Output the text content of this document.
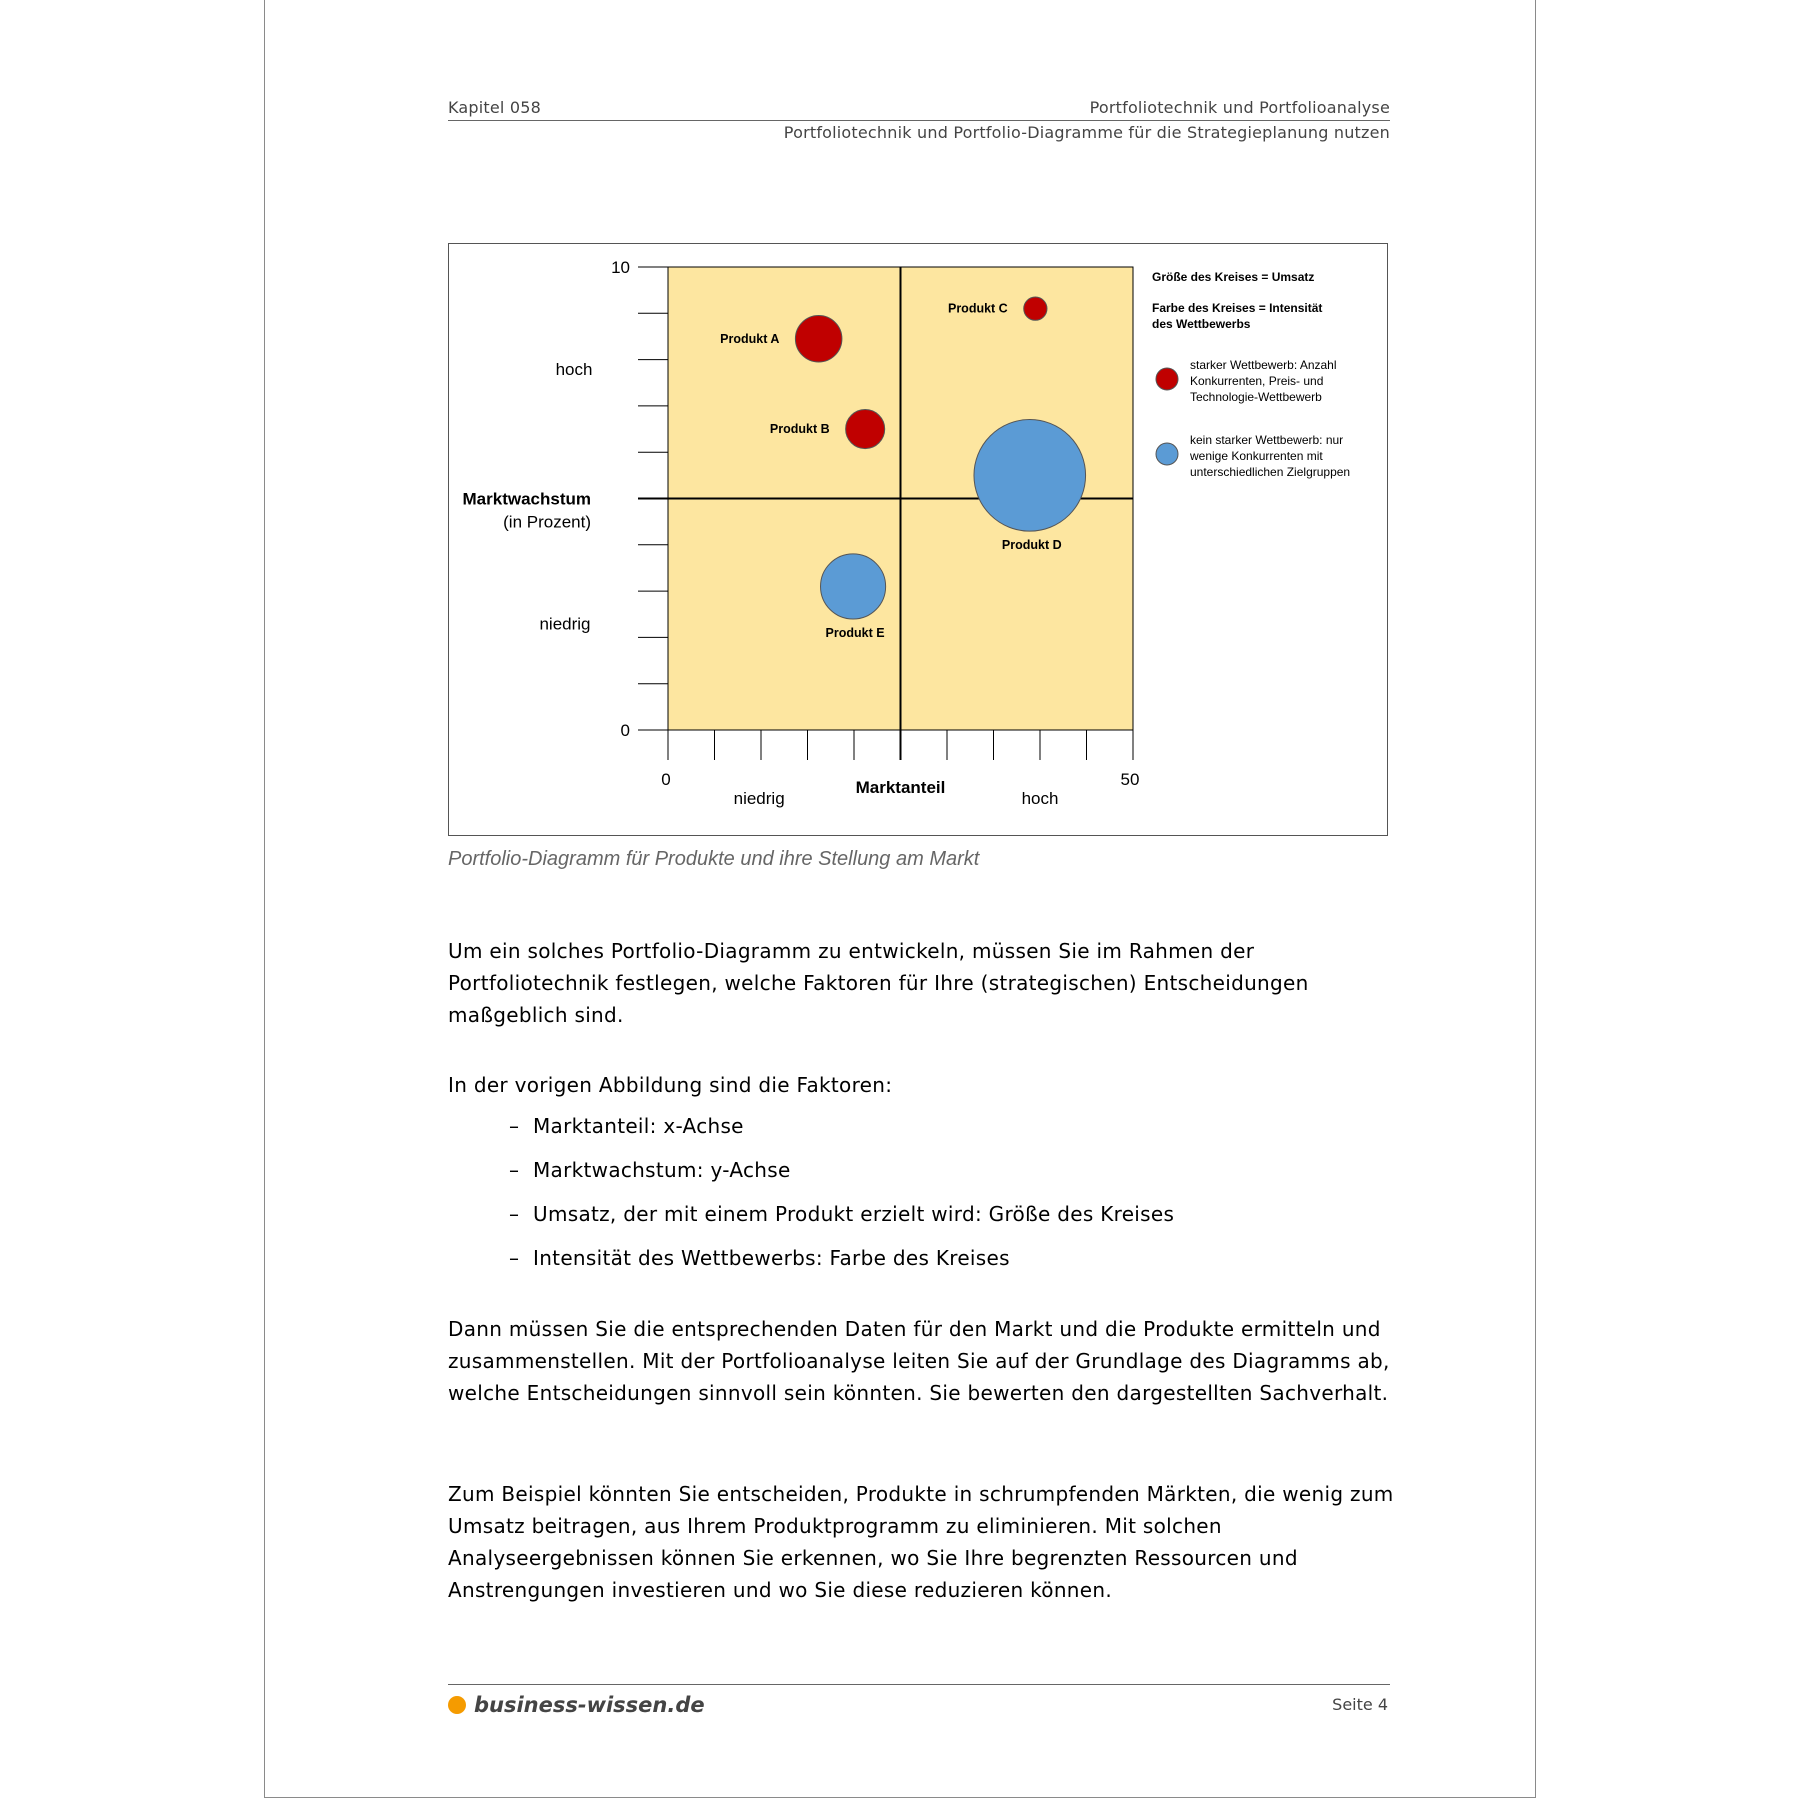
Kapitel 058	Portfoliotechnik und Portfolioanalyse
Portfoliotechnik und Portfolio-Diagramme für die Strategieplanung nutzen
10
0
0	50
hoch
niedrig
Marktwachstum
(in Prozent)
niedrig	hoch
Marktanteil
Produkt A
Produkt B
Produkt C
Produkt D
Produkt E
Größe des Kreises = Umsatz
Farbe des Kreises = Intensität
des Wettbewerbs
starker Wettbewerb: Anzahl
Konkurrenten, Preis- und
Technologie-Wettbewerb
kein starker Wettbewerb: nur
wenige Konkurrenten mit
unterschiedlichen Zielgruppen
Portfolio-Diagramm für Produkte und ihre Stellung am Markt
Um ein solches Portfolio-Diagramm zu entwickeln, müssen Sie im Rahmen der Portfoliotechnik festlegen, welche Faktoren für Ihre (strategischen) Entscheidungen maßgeblich sind.
In der vorigen Abbildung sind die Faktoren:
– Marktanteil: x-Achse
– Marktwachstum: y-Achse
– Umsatz, der mit einem Produkt erzielt wird: Größe des Kreises
– Intensität des Wettbewerbs: Farbe des Kreises
Dann müssen Sie die entsprechenden Daten für den Markt und die Produkte ermitteln und zusammenstellen. Mit der Portfolioanalyse leiten Sie auf der Grundlage des Diagramms ab, welche Entscheidungen sinnvoll sein könnten. Sie bewerten den dargestellten Sachverhalt.
Zum Beispiel könnten Sie entscheiden, Produkte in schrumpfenden Märkten, die wenig zum Umsatz beitragen, aus Ihrem Produktprogramm zu eliminieren. Mit solchen Analyseergebnissen können Sie erkennen, wo Sie Ihre begrenzten Ressourcen und Anstrengungen investieren und wo Sie diese reduzieren können.
business-wissen.de	Seite 4
